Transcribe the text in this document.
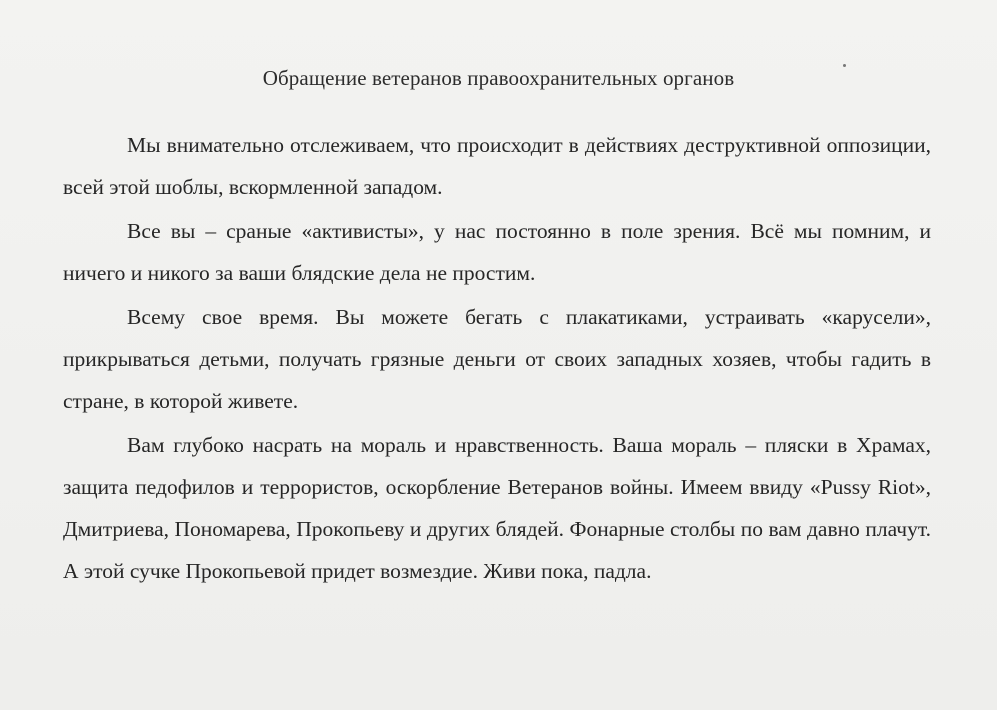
Обращение ветеранов правоохранительных органов

Мы внимательно отслеживаем, что происходит в действиях деструктивной оппозиции, всей этой шоблы, вскормленной западом.

Все вы – сраные «активисты», у нас постоянно в поле зрения. Всё мы помним, и ничего и никого за ваши блядские дела не простим.

Всему свое время. Вы можете бегать с плакатиками, устраивать «карусели», прикрываться детьми, получать грязные деньги от своих западных хозяев, чтобы гадить в стране, в которой живете.

Вам глубоко насрать на мораль и нравственность. Ваша мораль – пляски в Храмах, защита педофилов и террористов, оскорбление Ветеранов войны. Имеем ввиду «Pussy Riot», Дмитриева, Пономарева, Прокопьеву и других блядей. Фонарные столбы по вам давно плачут. А этой сучке Прокопьевой придет возмездие. Живи пока, падла.
